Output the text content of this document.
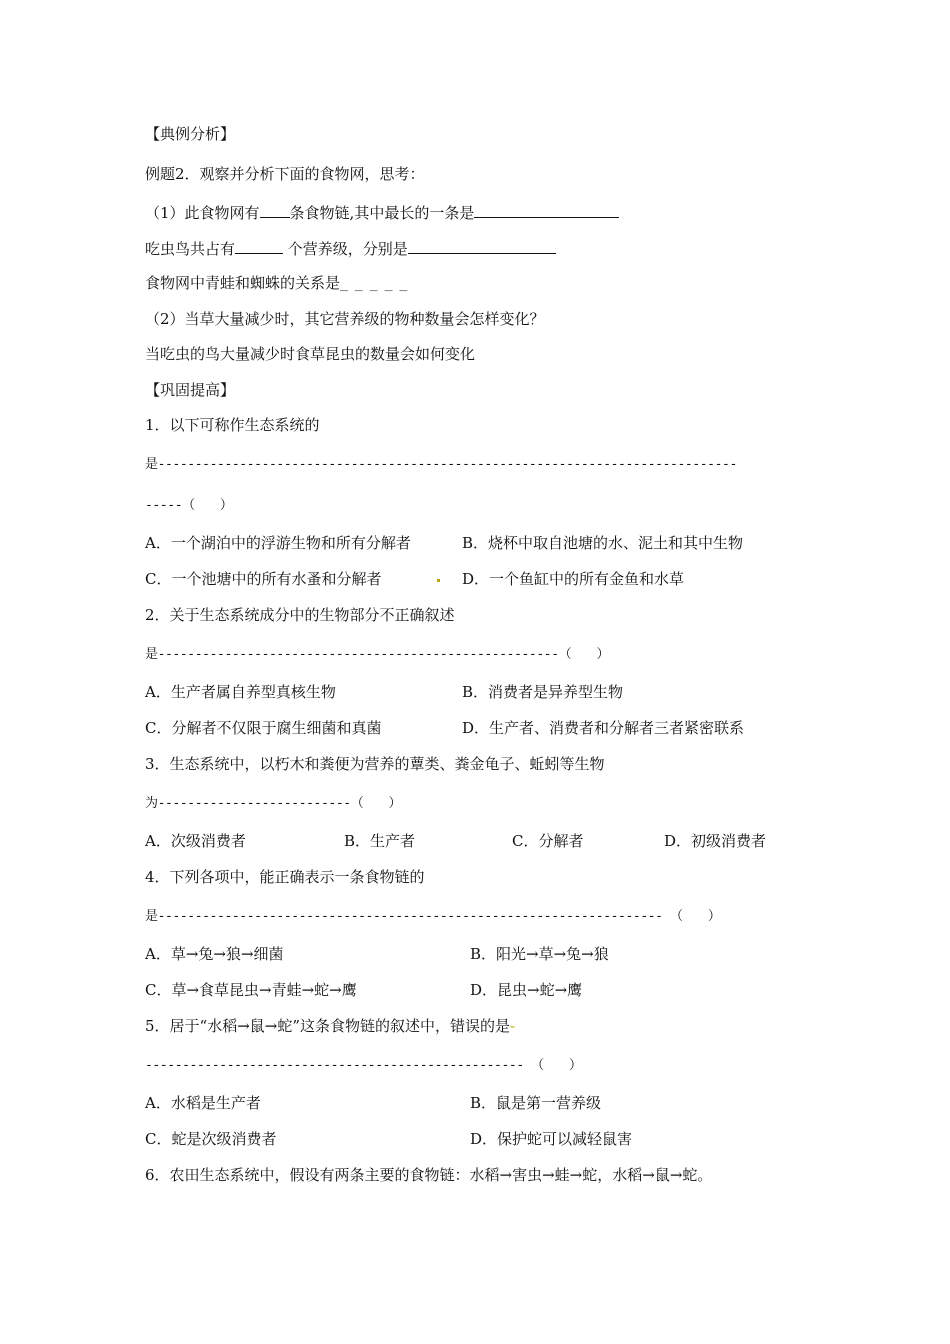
【典例分析】
例题2．观察并分析下面的食物网，思考：
（1）此食物网有 条食物链,其中最长的一条是
吃虫鸟共占有	个营养级，分别是
食物网中青蛙和蜘蛛的关系是_ _ _ _ _
（2）当草大量减少时，其它营养级的物种数量会怎样变化？
当吃虫的鸟大量减少时食草昆虫的数量会如何变化
【巩固提高】
1．以下可称作生态系统的
是------------------------------------------------------------------------------
-----（　　）
A．一个湖泊中的浮游生物和所有分解者	B．烧杯中取自池塘的水、泥土和其中生物
C．一个池塘中的所有水蚤和分解者	D．一个鱼缸中的所有金鱼和水草
2．关于生态系统成分中的生物部分不正确叙述
是------------------------------------------------------（　　）
A．生产者属自养型真核生物	B．消费者是异养型生物
C．分解者不仅限于腐生细菌和真菌	D．生产者、消费者和分解者三者紧密联系
3．生态系统中，以朽木和粪便为营养的蕈类、粪金龟子、蚯蚓等生物
为--------------------------（　　）
A．次级消费者	B．生产者	C．分解者	D．初级消费者
4．下列各项中，能正确表示一条食物链的
是-------------------------------------------------------------------- （　　）
A．草→兔→狼→细菌	B．阳光→草→兔→狼
C．草→食草昆虫→青蛙→蛇→鹰	D．昆虫→蛇→鹰
5．居于“水稻→鼠→蛇”这条食物链的叙述中，错误的是-
--------------------------------------------------- （　　）
A．水稻是生产者	B．鼠是第一营养级
C．蛇是次级消费者	D．保护蛇可以减轻鼠害
6．农田生态系统中，假设有两条主要的食物链：水稻→害虫→蛙→蛇，水稻→鼠→蛇。
